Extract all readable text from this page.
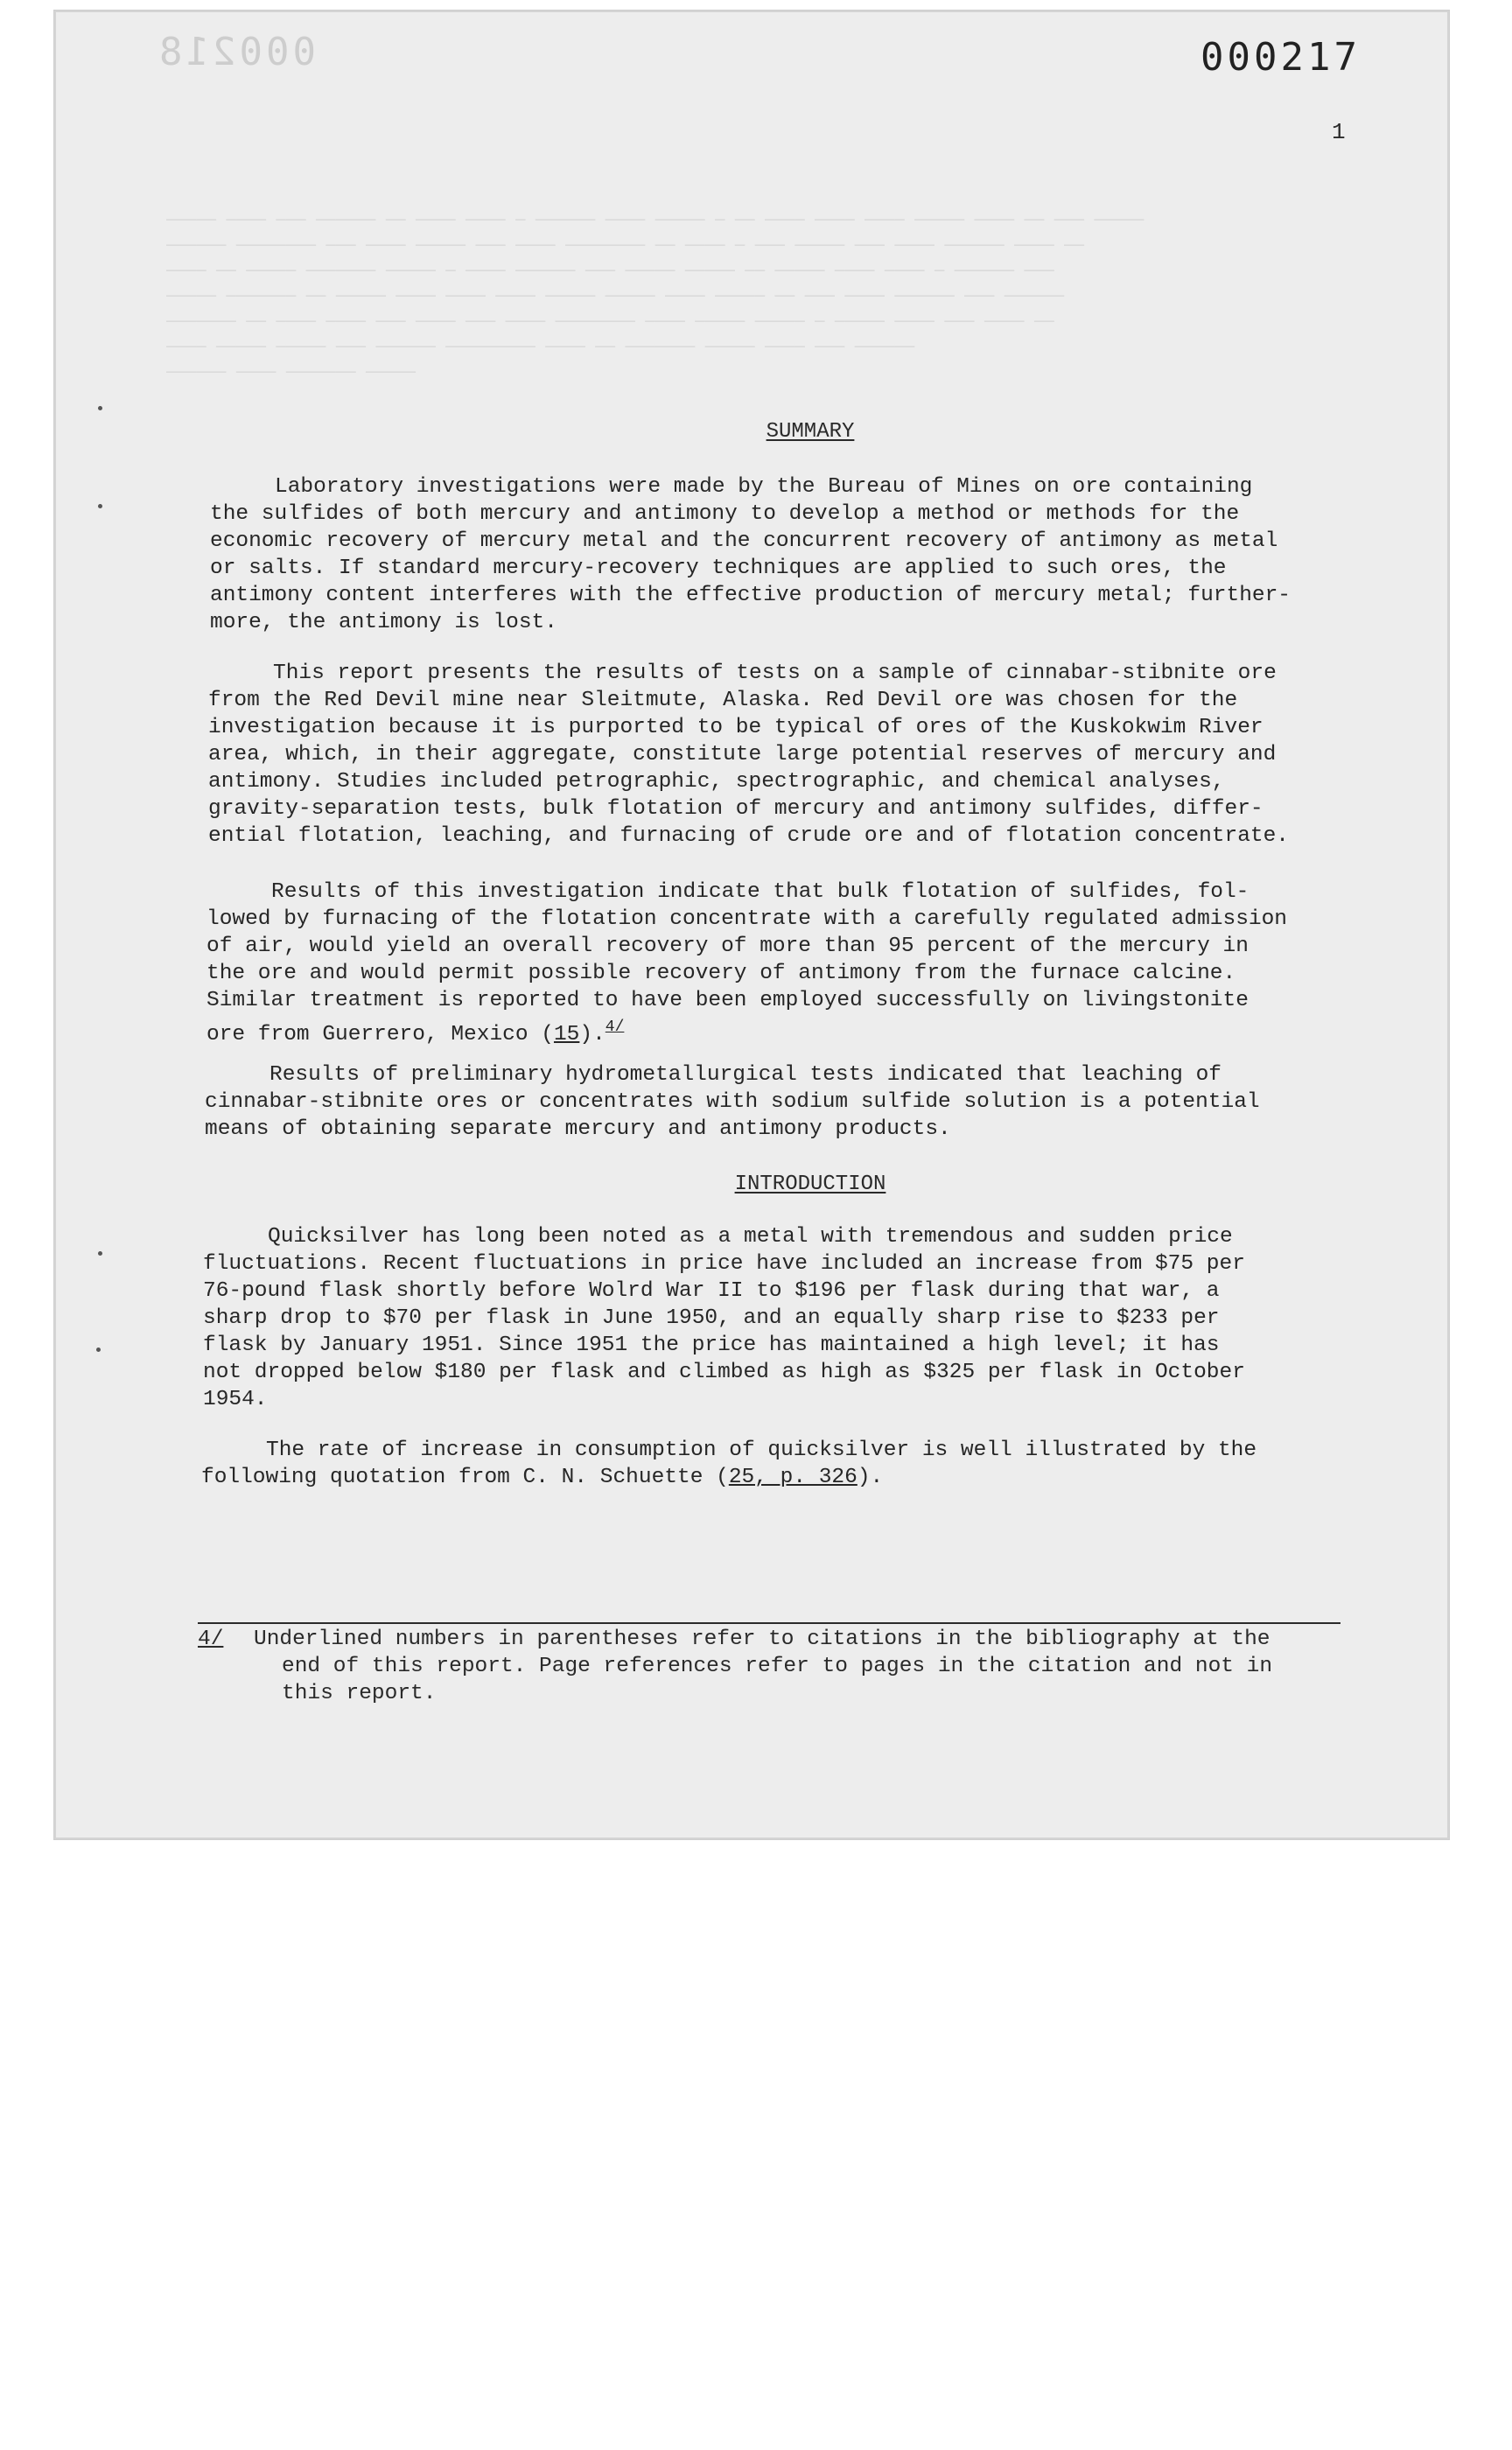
000218
───── ──── ─── ────── ── ──── ──── ─ ────── ──── ───── ─ ── ──── ──── ──── ───── ──── ── ─── ─────
────── ──────── ─── ──── ───── ─── ──── ──────── ── ──── ─ ─── ───── ─── ──── ────── ──── ──
──── ── ───── ─────── ───── ─ ──── ────── ─── ───── ───── ── ───── ──── ──── ─ ────── ───
───── ─────── ── ───── ──── ──── ──── ───── ───── ──── ───── ── ─── ──── ────── ─── ──────
─────── ── ──── ──── ─── ──── ─── ──── ──────── ──── ───── ───── ─ ───── ──── ─── ──── ──
──── ───── ───── ─── ────── ───────── ──── ── ─────── ───── ──── ─── ──────
────── ──── ─────── ─────
000217
1
SUMMARY
Laboratory investigations were made by the Bureau of Mines on ore containing
the sulfides of both mercury and antimony to develop a method or methods for the
economic recovery of mercury metal and the concurrent recovery of antimony as metal
or salts. If standard mercury-recovery techniques are applied to such ores, the
antimony content interferes with the effective production of mercury metal; further-
more, the antimony is lost.
This report presents the results of tests on a sample of cinnabar-stibnite ore
from the Red Devil mine near Sleitmute, Alaska. Red Devil ore was chosen for the
investigation because it is purported to be typical of ores of the Kuskokwim River
area, which, in their aggregate, constitute large potential reserves of mercury and
antimony. Studies included petrographic, spectrographic, and chemical analyses,
gravity-separation tests, bulk flotation of mercury and antimony sulfides, differ-
ential flotation, leaching, and furnacing of crude ore and of flotation concentrate.
Results of this investigation indicate that bulk flotation of sulfides, fol-
lowed by furnacing of the flotation concentrate with a carefully regulated admission
of air, would yield an overall recovery of more than 95 percent of the mercury in
the ore and would permit possible recovery of antimony from the furnace calcine.
Similar treatment is reported to have been employed successfully on livingstonite
ore from Guerrero, Mexico (15).$^{4/}$
Results of preliminary hydrometallurgical tests indicated that leaching of
cinnabar-stibnite ores or concentrates with sodium sulfide solution is a potential
means of obtaining separate mercury and antimony products.
INTRODUCTION
Quicksilver has long been noted as a metal with tremendous and sudden price
fluctuations. Recent fluctuations in price have included an increase from $75 per
76-pound flask shortly before Wolrd War II to $196 per flask during that war, a
sharp drop to $70 per flask in June 1950, and an equally sharp rise to $233 per
flask by January 1951. Since 1951 the price has maintained a high level; it has
not dropped below $180 per flask and climbed as high as $325 per flask in October
1954.
The rate of increase in consumption of quicksilver is well illustrated by the
following quotation from C. N. Schuette (25, p. 326).
4/ Underlined numbers in parentheses refer to citations in the bibliography at the
end of this report. Page references refer to pages in the citation and not in
this report.
